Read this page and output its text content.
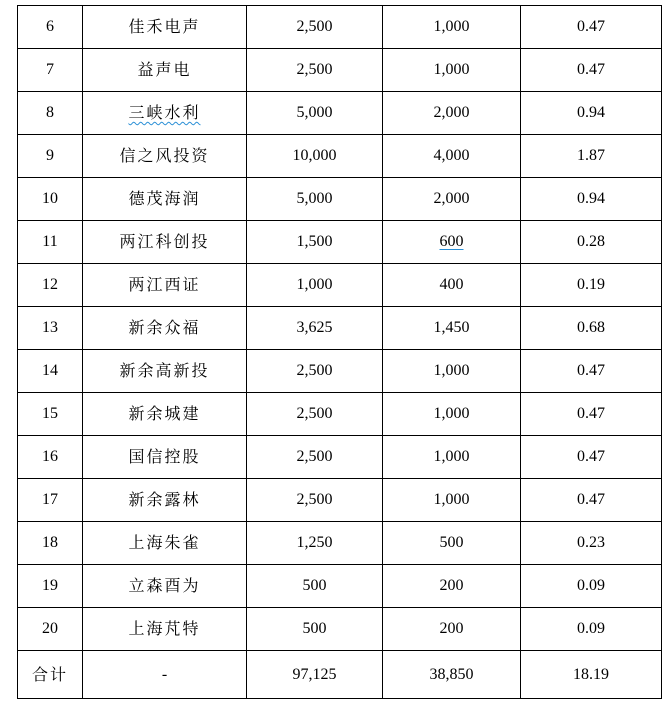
6	佳禾电声	2,500	1,000	0.47
7	益声电	2,500	1,000	0.47
8	三峡水利	5,000	2,000	0.94
9	信之风投资	10,000	4,000	1.87
10	德茂海润	5,000	2,000	0.94
11	两江科创投	1,500	600	0.28
12	两江西证	1,000	400	0.19
13	新余众福	3,625	1,450	0.68
14	新余高新投	2,500	1,000	0.47
15	新余城建	2,500	1,000	0.47
16	国信控股	2,500	1,000	0.47
17	新余露林	2,500	1,000	0.47
18	上海朱雀	1,250	500	0.23
19	立森酉为	500	200	0.09
20	上海芃特	500	200	0.09
合计	-	97,125	38,850	18.19
